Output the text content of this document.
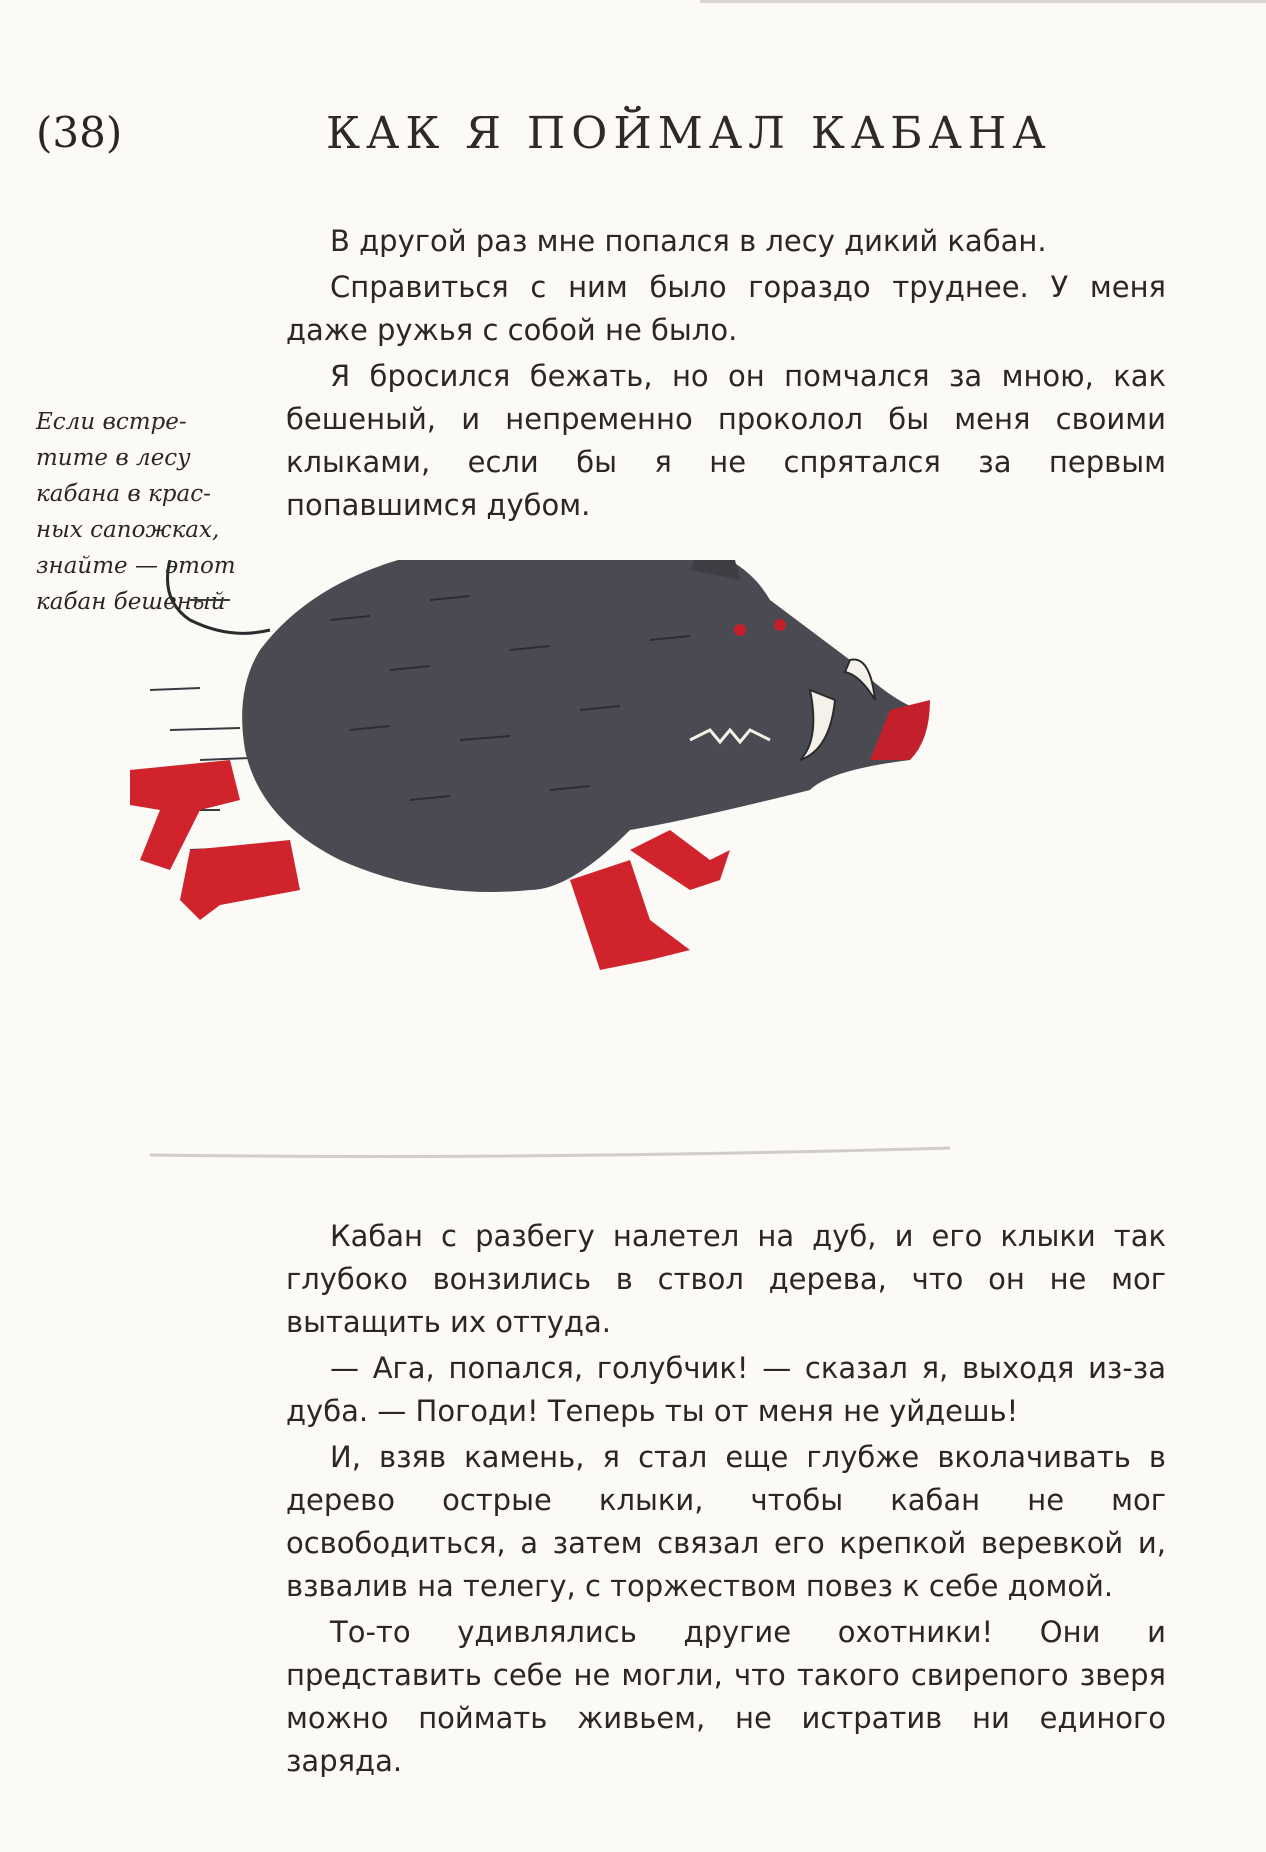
(38)	КАК Я ПОЙМАЛ КАБАНА

В другой раз мне попался в лесу дикий кабан.

Справиться с ним было гораздо труднее. У меня даже ружья с собой не было.

Я бросился бежать, но он помчался за мною, как бешеный, и непременно проколол бы меня своими клыками, если бы я не спрятался за первым попавшимся дубом.

Если встре-
тите в лесу
кабана в крас-
ных сапожках,
знайте — этот
кабан бешеный

Кабан с разбегу налетел на дуб, и его клыки так глубоко вонзились в ствол дерева, что он не мог вытащить их оттуда.

— Ага, попался, голубчик! — сказал я, выходя из-за дуба. — Погоди! Теперь ты от меня не уйдешь!

И, взяв камень, я стал еще глубже вколачивать в дерево острые клыки, чтобы кабан не мог освободиться, а затем связал его крепкой веревкой и, взвалив на телегу, с торжеством повез к себе домой.

То-то удивлялись другие охотники! Они и представить себе не могли, что такого свирепого зверя можно поймать живьем, не истратив ни единого заряда.
